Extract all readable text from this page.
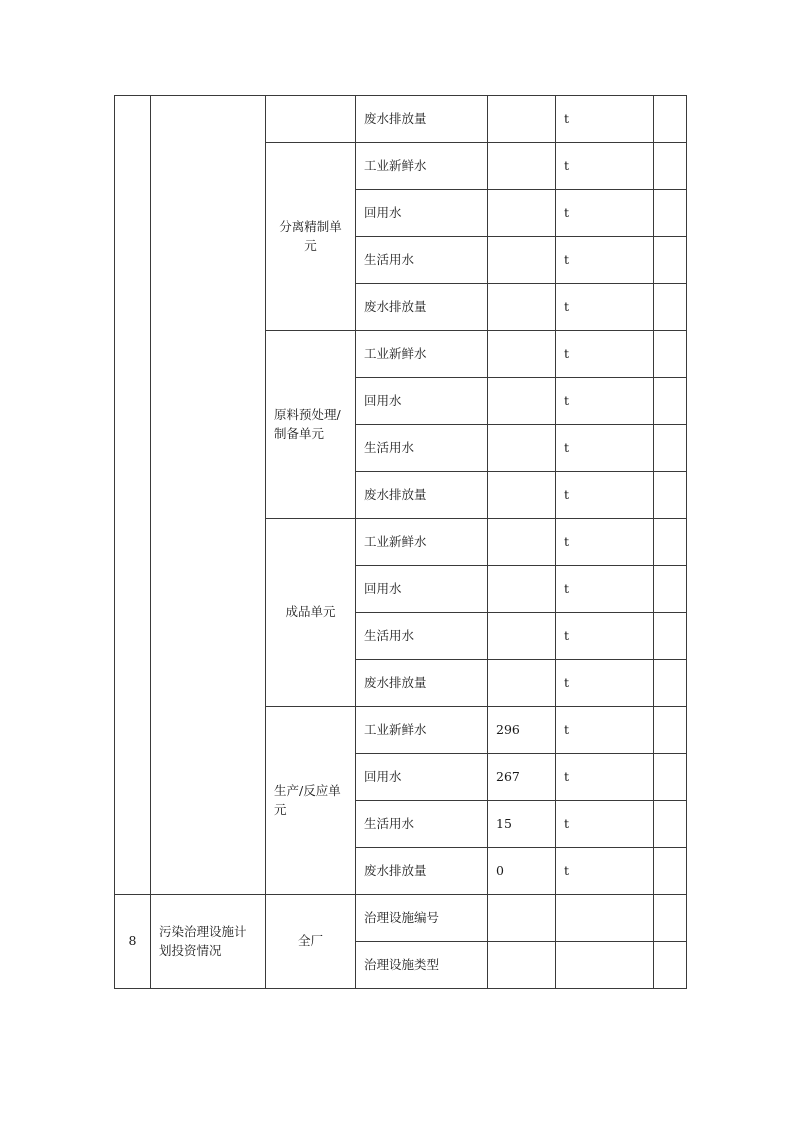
			废水排放量		t	
		分离精制单元	工业新鲜水		t	
			回用水		t	
			生活用水		t	
			废水排放量		t	
		原料预处理/制备单元	工业新鲜水		t	
			回用水		t	
			生活用水		t	
			废水排放量		t	
		成品单元	工业新鲜水		t	
			回用水		t	
			生活用水		t	
			废水排放量		t	
		生产/反应单元	工业新鲜水	296	t	
			回用水	267	t	
			生活用水	15	t	
			废水排放量	0	t	
8	污染治理设施计划投资情况	全厂	治理设施编号			
			治理设施类型			
